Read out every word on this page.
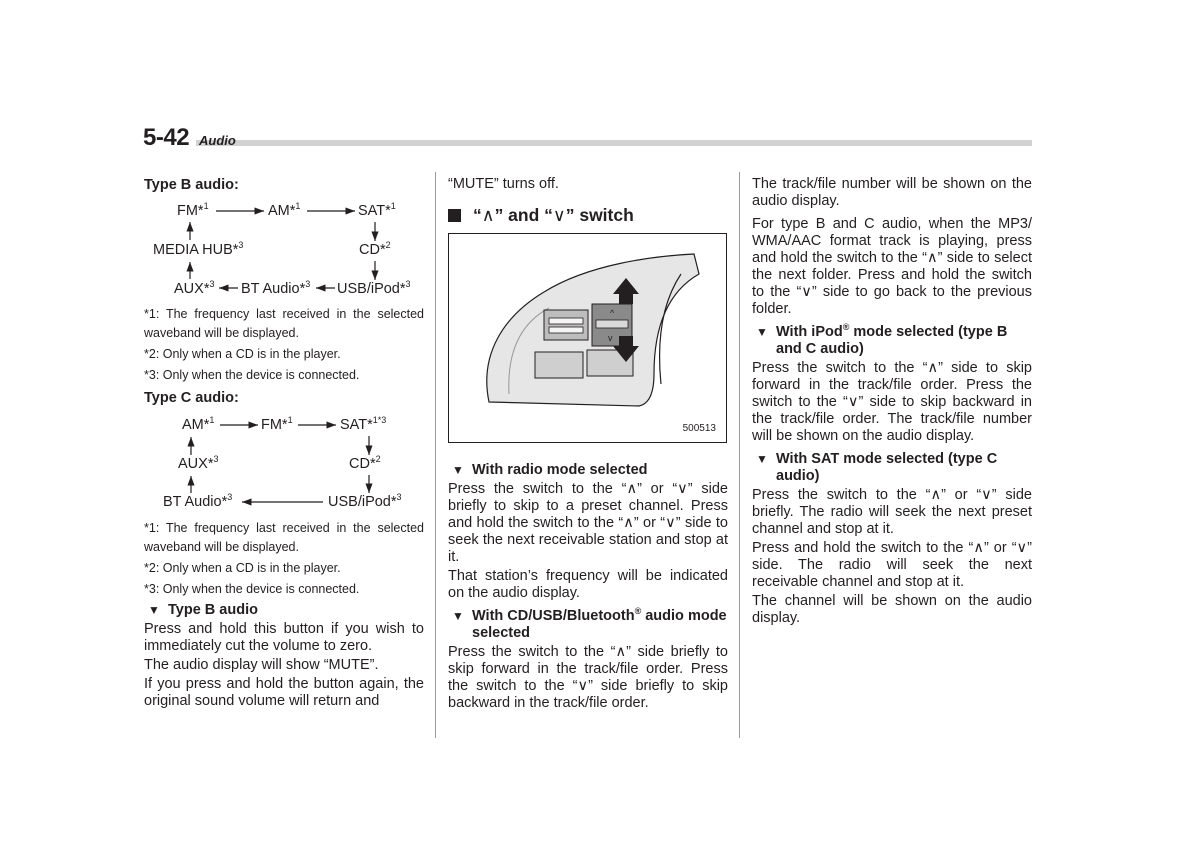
5-42 Audio
Type B audio:
FM*$^1$	AM*$^1$	SAT*$^1$
MEDIA HUB*$^3$	CD*$^2$
AUX*$^3$ BT Audio*$^3$ USB/iPod*$^3$

*1: The frequency last received in the selected waveband will be displayed.

*2: Only when a CD is in the player.

*3: Only when the device is connected.

Type C audio:
AM*$^1$	FM*$^1$	SAT*$^{1*3}$
AUX*$^3$	CD*$^2$
BT Audio*$^3$	USB/iPod*$^3$

*1: The frequency last received in the selected waveband will be displayed.

*2: Only when a CD is in the player.

*3: Only when the device is connected.

▼ Type B audio

Press and hold this button if you wish to immediately cut the volume to zero.

The audio display will show “MUTE”.

If you press and hold the button again, the original sound volume will return and

“MUTE” turns off.

“ ∧ ” and “ ∨ ” switch
^
v
500513
▼ With radio mode selected

Press the switch to the “∧” or “∨” side briefly to skip to a preset channel. Press and hold the switch to the “∧” or “∨” side to seek the next receivable station and stop at it.

That station’s frequency will be indicated on the audio display.

▼ With CD/USB/Bluetooth® audio mode selected

Press the switch to the “∧” side briefly to skip forward in the track/file order. Press the switch to the “∨” side briefly to skip backward in the track/file order.

The track/file number will be shown on the audio display.

For type B and C audio, when the MP3/ WMA/AAC format track is playing, press and hold the switch to the “∧” side to select the next folder. Press and hold the switch to the “∨” side to go back to the previous folder.

▼ With iPod® mode selected (type B and C audio)

Press the switch to the “∧” side to skip forward in the track/file order. Press the switch to the “∨” side to skip backward in the track/file order. The track/file number will be shown on the audio display.

▼ With SAT mode selected (type C audio)

Press the switch to the “∧” or “∨” side briefly. The radio will seek the next preset channel and stop at it.

Press and hold the switch to the “∧” or “∨” side. The radio will seek the next receivable channel and stop at it.

The channel will be shown on the audio display.
